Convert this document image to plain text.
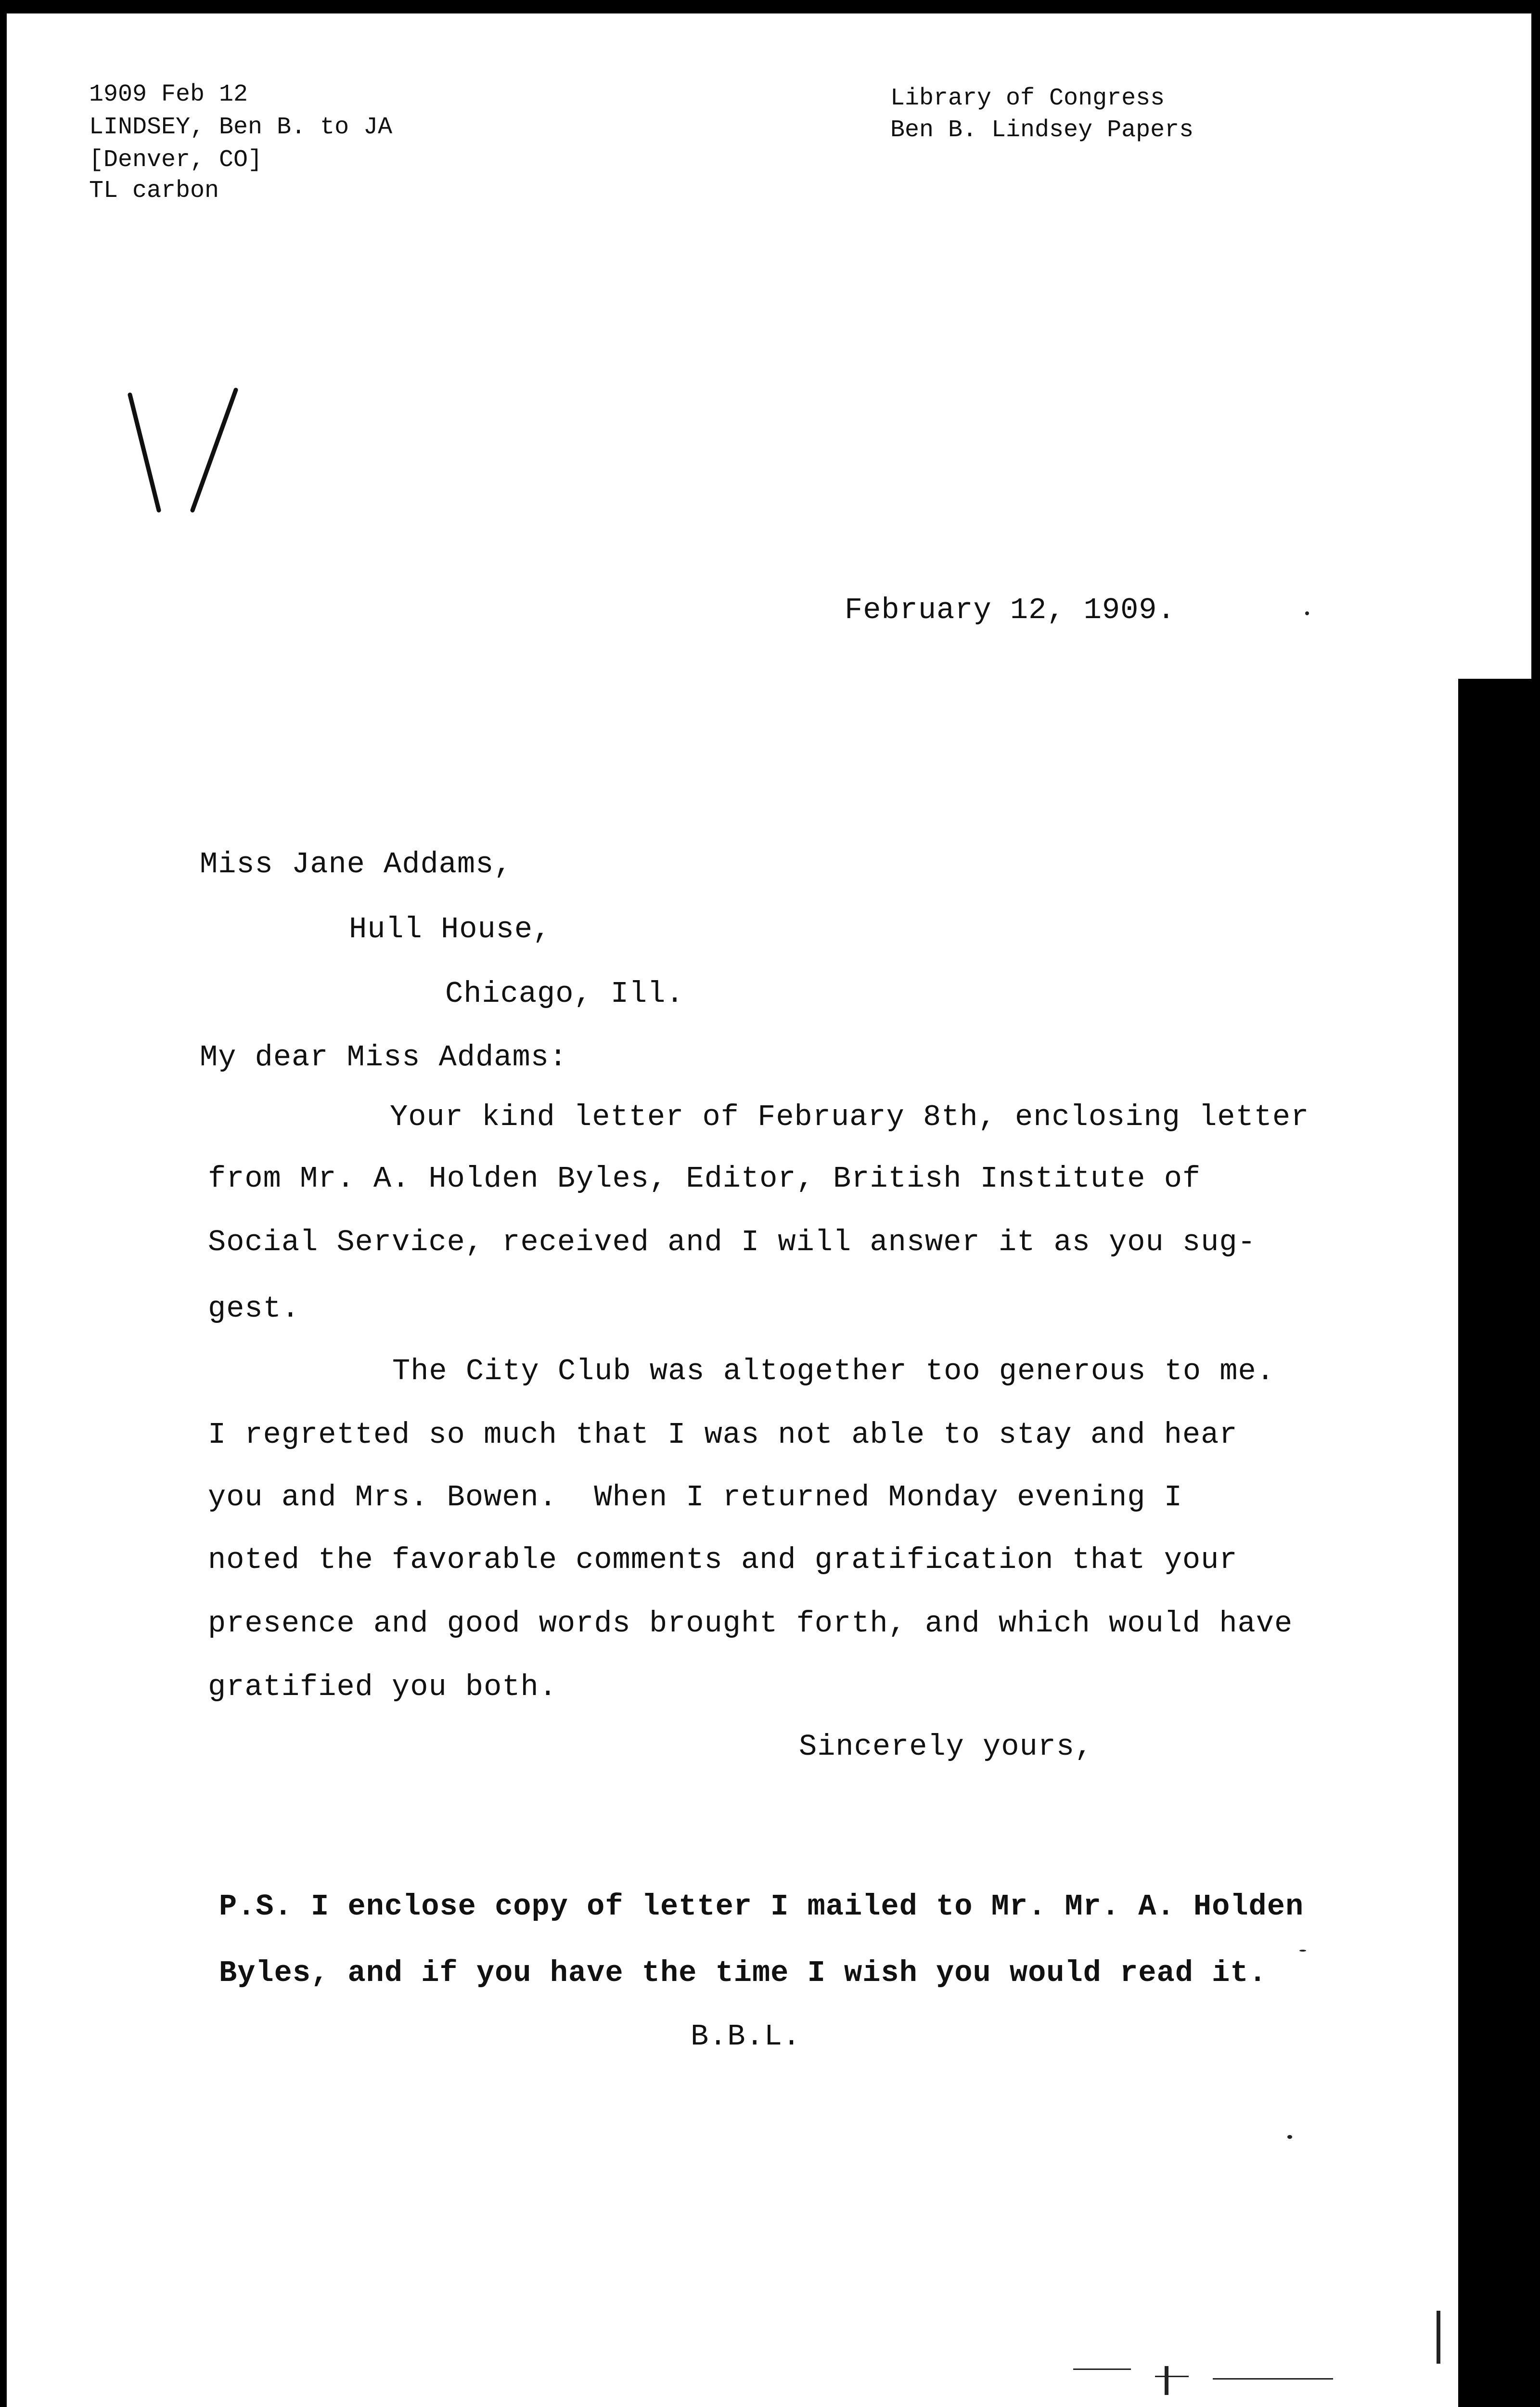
1909 Feb 12
LINDSEY, Ben B. to JA
[Denver, CO]
TL carbon
Library of Congress
Ben B. Lindsey Papers
February 12, 1909.
Miss Jane Addams,
Hull House,
Chicago, Ill.
My dear Miss Addams:
Your kind letter of February 8th, enclosing letter
from Mr. A. Holden Byles, Editor, British Institute of
Social Service, received and I will answer it as you sug-
gest.
The City Club was altogether too generous to me.
I regretted so much that I was not able to stay and hear
you and Mrs. Bowen.  When I returned Monday evening I
noted the favorable comments and gratification that your
presence and good words brought forth, and which would have
gratified you both.
Sincerely yours,
P.S. I enclose copy of letter I mailed to Mr. Mr. A. Holden
Byles, and if you have the time I wish you would read it.
B.B.L.
